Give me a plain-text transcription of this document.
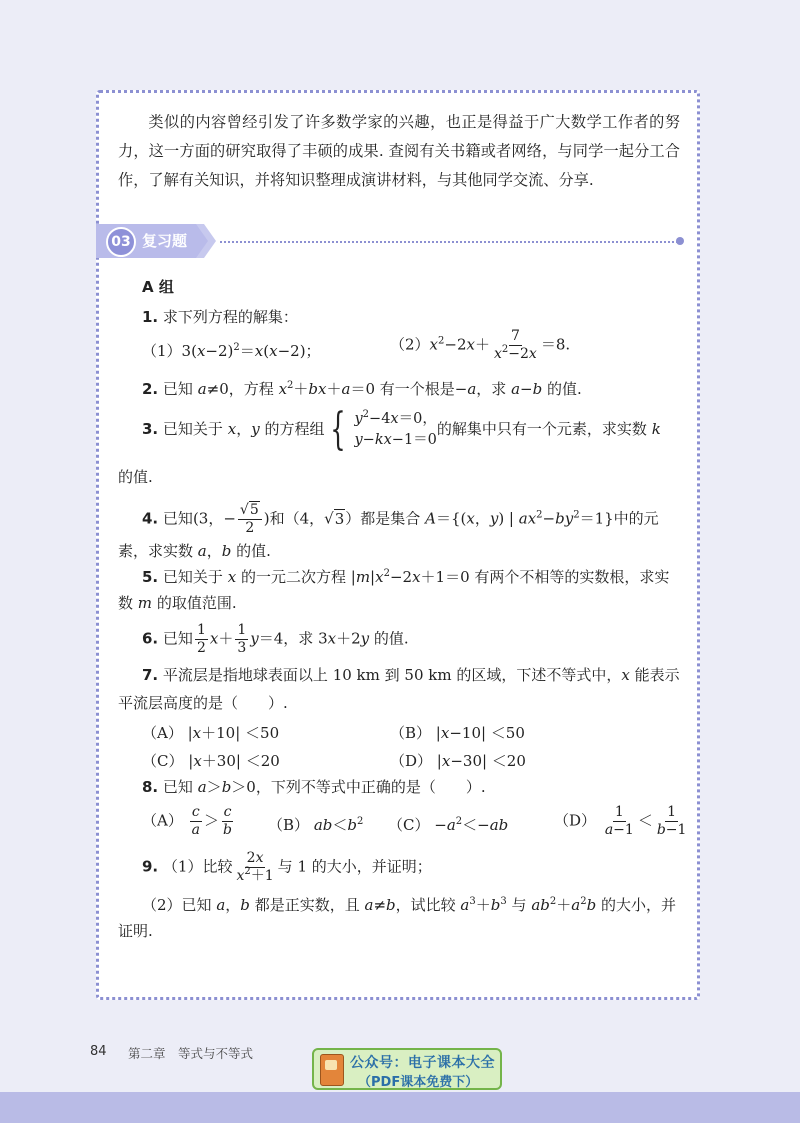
类似的内容曾经引发了许多数学家的兴趣，也正是得益于广大数学工作者的努力，这一方面的研究取得了丰硕的成果. 查阅有关书籍或者网络，与同学一起分工合作，了解有关知识，并将知识整理成演讲材料，与其他同学交流、分享.

03 复习题
A 组
1. 求下列方程的解集：
$(1)3(x-2)^2=x(x-2)$；	$(2)x^2-2x+ \frac{7}{x^2-2x} =8$.
2. 已知 a≠0，方程 $x^2+bx+a=0$ 有一个根是−a，求 a−b 的值.
3. 已知关于 x，y 的方程组 { $y^2-4x=0$，
y−kx−1＝0
的解集中只有一个元素，求实数 k
的值.
4. 已知(3，− $\frac{√5}{2}$ )和（4，√3）都是集合 A＝{(x，y) | $ax^2-by^2=1$}中的元
素，求实数 a，b 的值.
5. 已知关于 x 的一元二次方程 $|m|x^2-2x+1=0$ 有两个不相等的实数根，求实
数 m 的取值范围.
6. 已知 $\frac{1}{2} x+ \frac{1}{3} y=4$，求 3x＋2y 的值.
7. 平流层是指地球表面以上 10 km 到 50 km 的区域，下述不等式中，x 能表示
平流层高度的是（　　）.
（A） |x＋10| ＜50	（B） |x−10| ＜50
（C） |x＋30| ＜20	（D） |x−30| ＜20
8. 已知 a＞b＞0，下列不等式中正确的是（　　）.
$(A) \frac{c}{a} > \frac{c}{b} (B)$ $ab<b^2$ $(C) -a^2<-ab$	$(D) \frac{1}{a-1} < \frac{1}{b-1}$
9. （1）比较 $\frac{2x}{x^2+1}$ 与 1 的大小，并证明；
（2）已知 a，b 都是正实数，且 a≠b，试比较 $a^3+b^3$ 与 $ab^2+a^2b$ 的大小，并
证明.
84 第二章　等式与不等式
公众号：电子课本大全
（PDF课本免费下）
